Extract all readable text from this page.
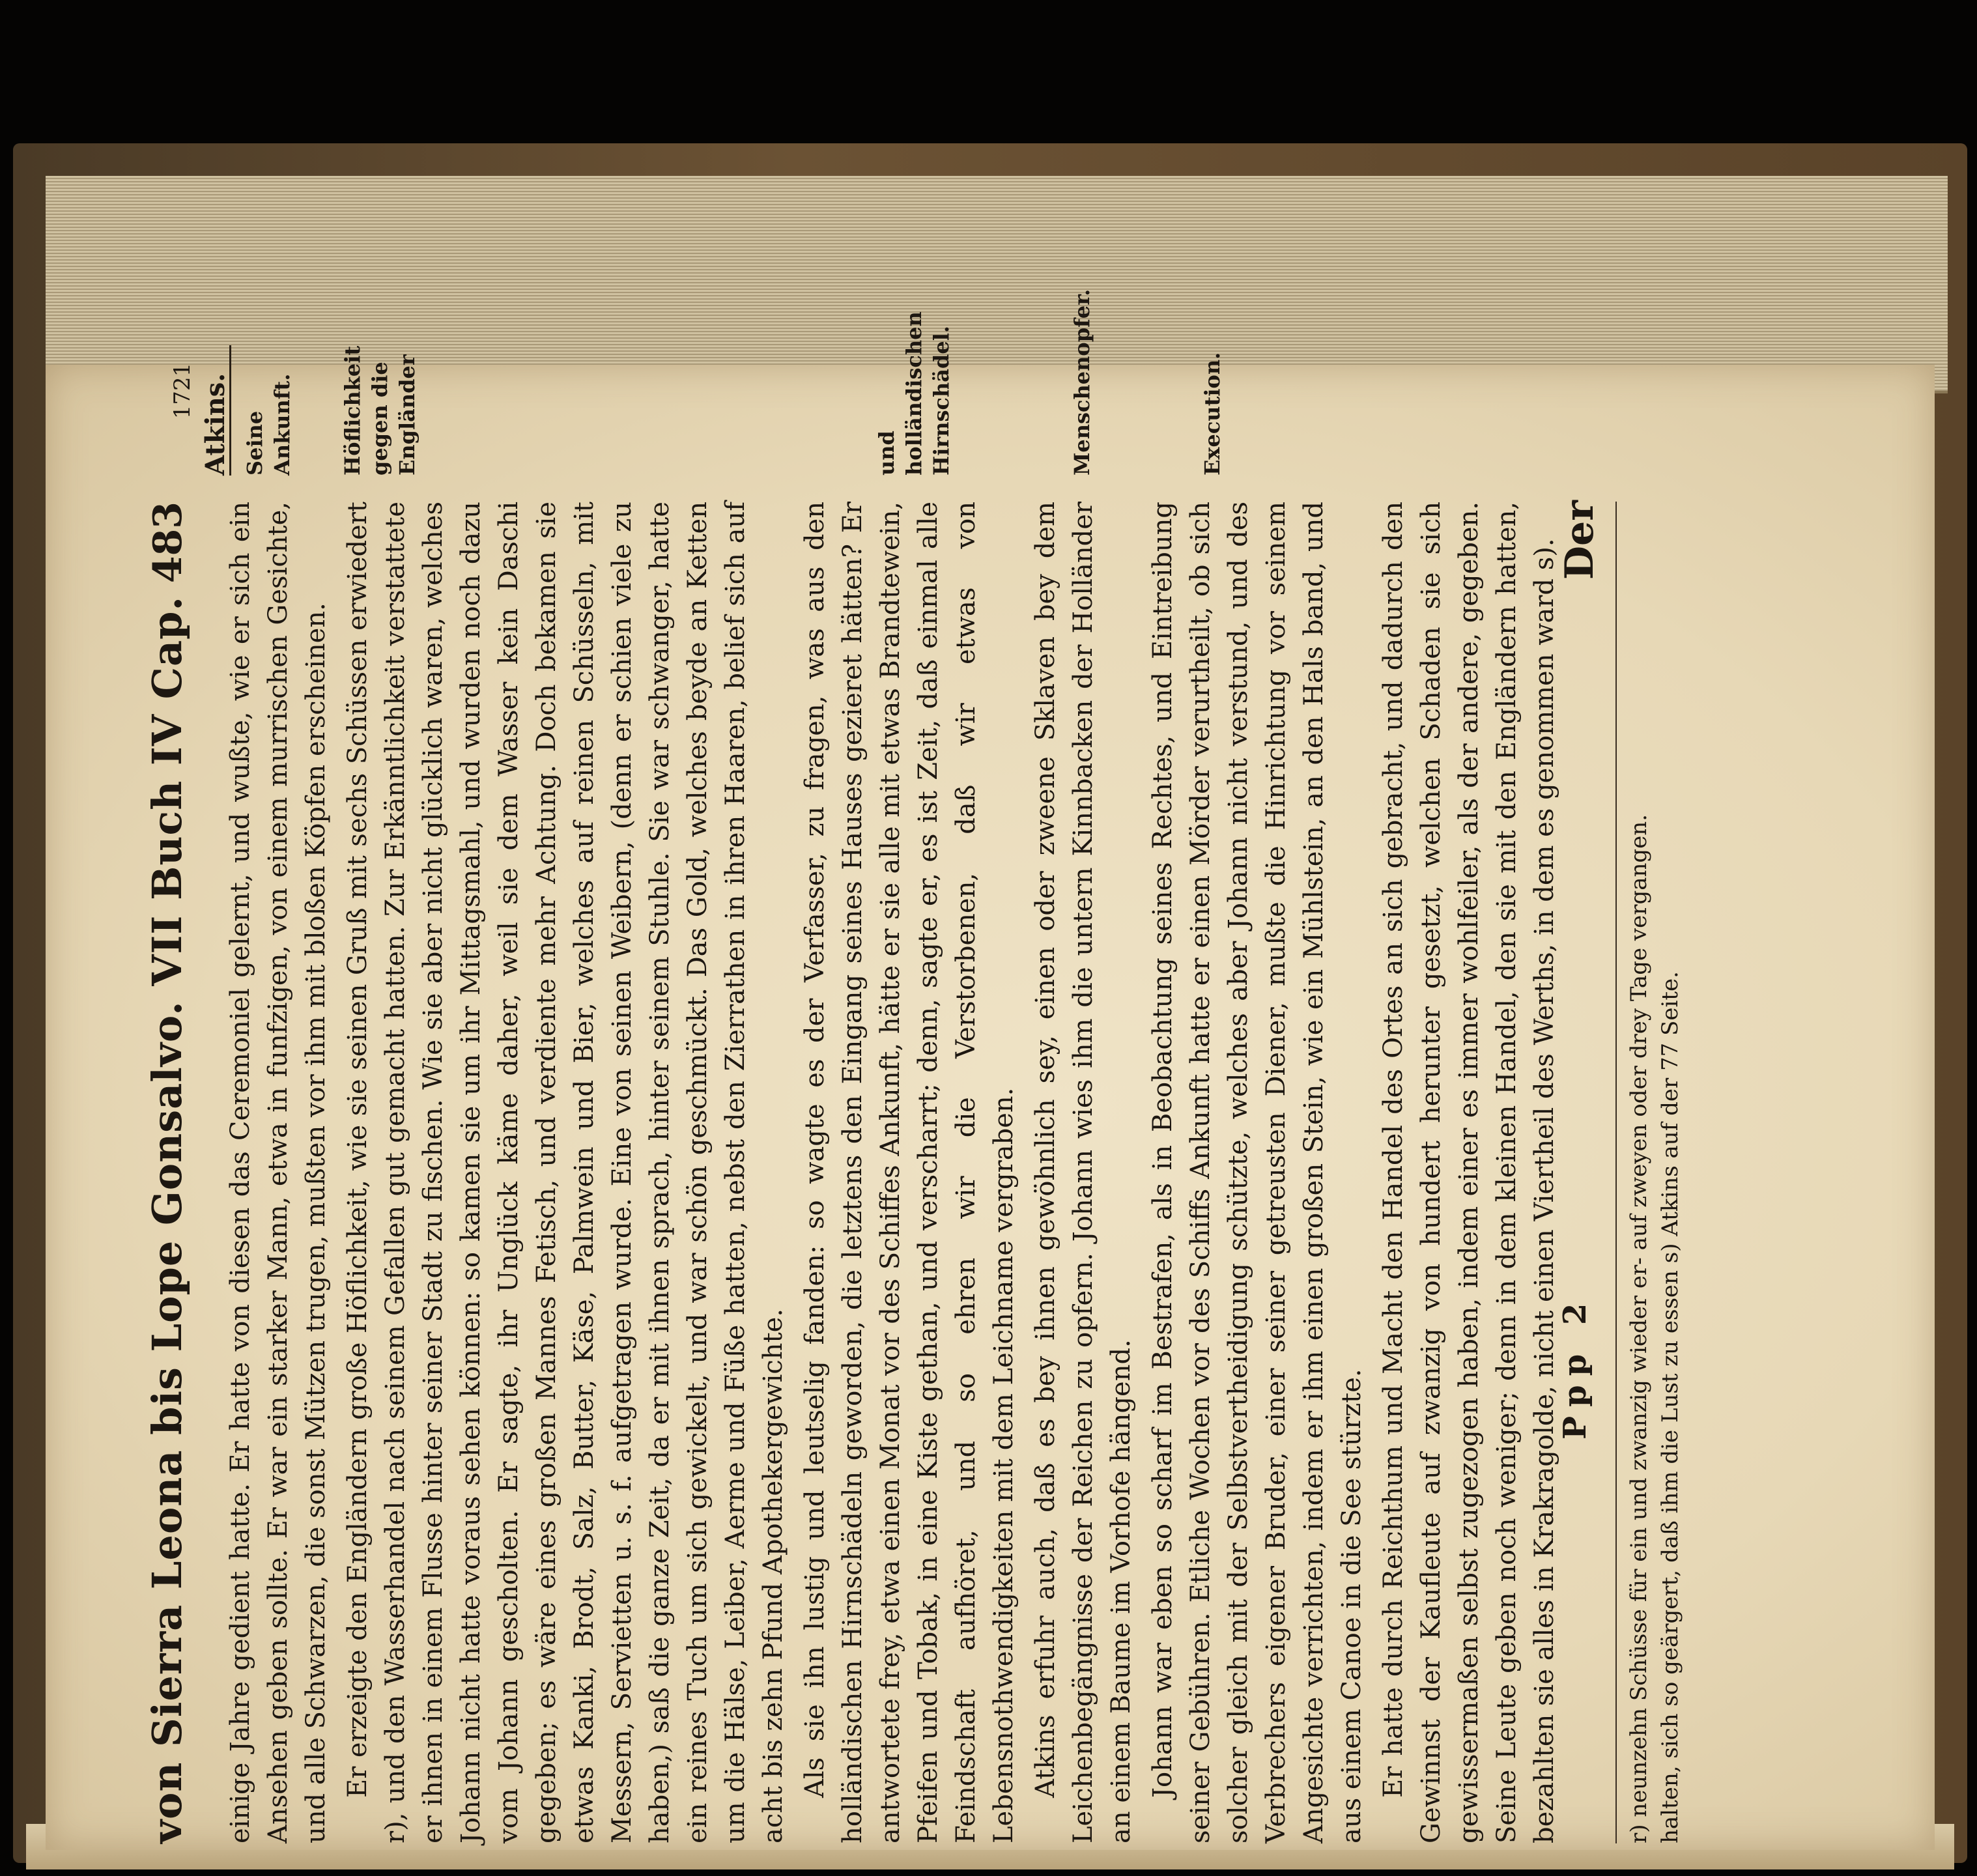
von Sierra Leona bis Lope Gonsalvo. VII Buch IV Cap.
483
1721 Atkins. Seine Ankunft. Höflichkeit gegen die Engländer	und holländischen Hirnschädel.	Menschenopfer.	Execution.

einige Jahre gedient hatte. Er hatte von diesen das Ceremoniel gelernt, und wußte, wie er sich ein Ansehen geben sollte. Er war ein starker Mann, etwa in funfzigen, von einem murrischen Gesichte, und alle Schwarzen, die sonst Mützen trugen, mußten vor ihm mit bloßen Köpfen erscheinen. Er erzeigte den Engländern große Höflichkeit, wie sie seinen Gruß mit sechs Schüssen erwiedert r), und den Wasserhandel nach seinem Gefallen gut gemacht hatten. Zur Erkänntlichkeit verstattete er ihnen in einem Flusse hinter seiner Stadt zu fischen. Wie sie aber nicht glücklich waren, welches Johann nicht hatte voraus sehen können: so kamen sie um ihr Mittagsmahl, und wurden noch dazu vom Johann gescholten. Er sagte, ihr Unglück käme daher, weil sie dem Wasser kein Daschi gegeben; es wäre eines großen Mannes Fetisch, und verdiente mehr Achtung. Doch bekamen sie etwas Kanki, Brodt, Salz, Butter, Käse, Palmwein und Bier, welches auf reinen Schüsseln, mit Messern, Servietten u. s. f. aufgetragen wurde. Eine von seinen Weibern, (denn er schien viele zu haben,) saß die ganze Zeit, da er mit ihnen sprach, hinter seinem Stuhle. Sie war schwanger, hatte ein reines Tuch um sich gewickelt, und war schön geschmückt. Das Gold, welches beyde an Ketten um die Hälse, Leiber, Aerme und Füße hatten, nebst den Zierrathen in ihren Haaren, belief sich auf acht bis zehn Pfund Apothekergewichte. Als sie ihn lustig und leutselig fanden: so wagte es der Verfasser, zu fragen, was aus den holländischen Hirnschädeln geworden, die letztens den Eingang seines Hauses gezieret hätten? Er antwortete frey, etwa einen Monat vor des Schiffes Ankunft, hätte er sie alle mit etwas Brandtewein, Pfeifen und Tobak, in eine Kiste gethan, und verscharrt; denn, sagte er, es ist Zeit, daß einmal alle Feindschaft aufhöret, und so ehren wir die Verstorbenen, daß wir etwas von Lebensnothwendigkeiten mit dem Leichname vergraben. Atkins erfuhr auch, daß es bey ihnen gewöhnlich sey, einen oder zweene Sklaven bey dem Leichenbegängnisse der Reichen zu opfern. Johann wies ihm die untern Kinnbacken der Holländer an einem Baume im Vorhofe hängend. Johann war eben so scharf im Bestrafen, als in Beobachtung seines Rechtes, und Eintreibung seiner Gebühren. Etliche Wochen vor des Schiffs Ankunft hatte er einen Mörder verurtheilt, ob sich solcher gleich mit der Selbstvertheidigung schützte, welches aber Johann nicht verstund, und des Verbrechers eigener Bruder, einer seiner getreusten Diener, mußte die Hinrichtung vor seinem Angesichte verrichten, indem er ihm einen großen Stein, wie ein Mühlstein, an den Hals band, und aus einem Canoe in die See stürzte. Er hatte durch Reichthum und Macht den Handel des Ortes an sich gebracht, und dadurch den Gewinnst der Kaufleute auf zwanzig von hundert herunter gesetzt, welchen Schaden sie sich gewissermaßen selbst zugezogen haben, indem einer es immer wohlfeiler, als der andere, gegeben. Seine Leute geben noch weniger; denn in dem kleinen Handel, den sie mit den Engländern hatten, bezahlten sie alles in Krakragolde, nicht einen Viertheil des Werths, in dem es genommen ward s).

Ppp 2
Der

r) neunzehn Schüsse für ein und zwanzig wieder er- auf zweyen oder drey Tage vergangen. halten, sich so geärgert, daß ihm die Lust zu essen s) Atkins auf der 77 Seite.
